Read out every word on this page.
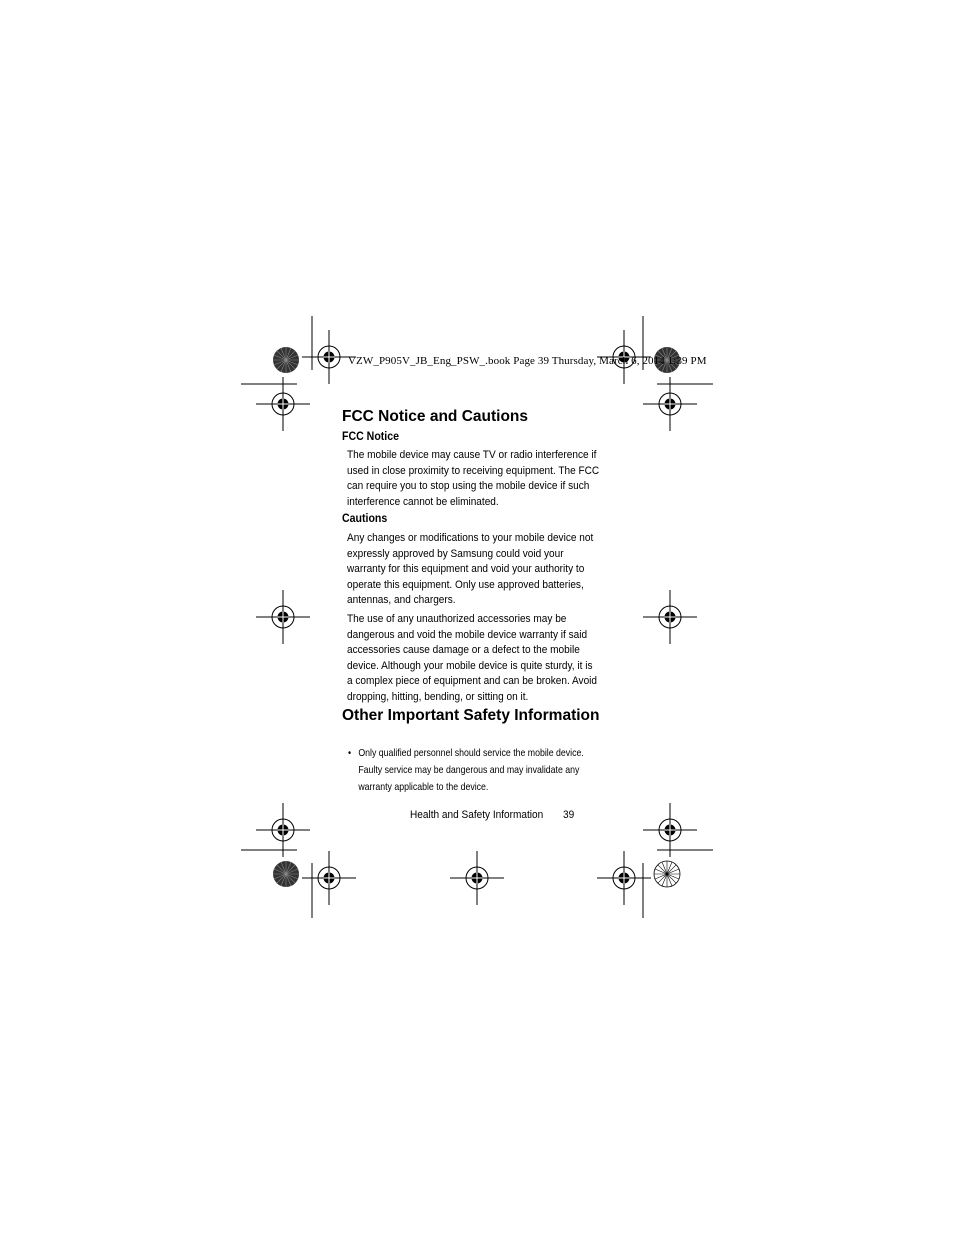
VZW_P905V_JB_Eng_PSW_.book Page 39 Thursday, March 6, 2014 1:39 PM
FCC Notice and Cautions
FCC Notice

The mobile device may cause TV or radio interference if used in close proximity to receiving equipment. The FCC can require you to stop using the mobile device if such interference cannot be eliminated.

Cautions

Any changes or modifications to your mobile device not expressly approved by Samsung could void your warranty for this equipment and void your authority to operate this equipment. Only use approved batteries, antennas, and chargers.

The use of any unauthorized accessories may be dangerous and void the mobile device warranty if said accessories cause damage or a defect to the mobile device. Although your mobile device is quite sturdy, it is a complex piece of equipment and can be broken. Avoid dropping, hitting, bending, or sitting on it.

Other Important Safety Information
• Only qualified personnel should service the mobile device. Faulty service may be dangerous and may invalidate any warranty applicable to the device.
Health and Safety Information 39
